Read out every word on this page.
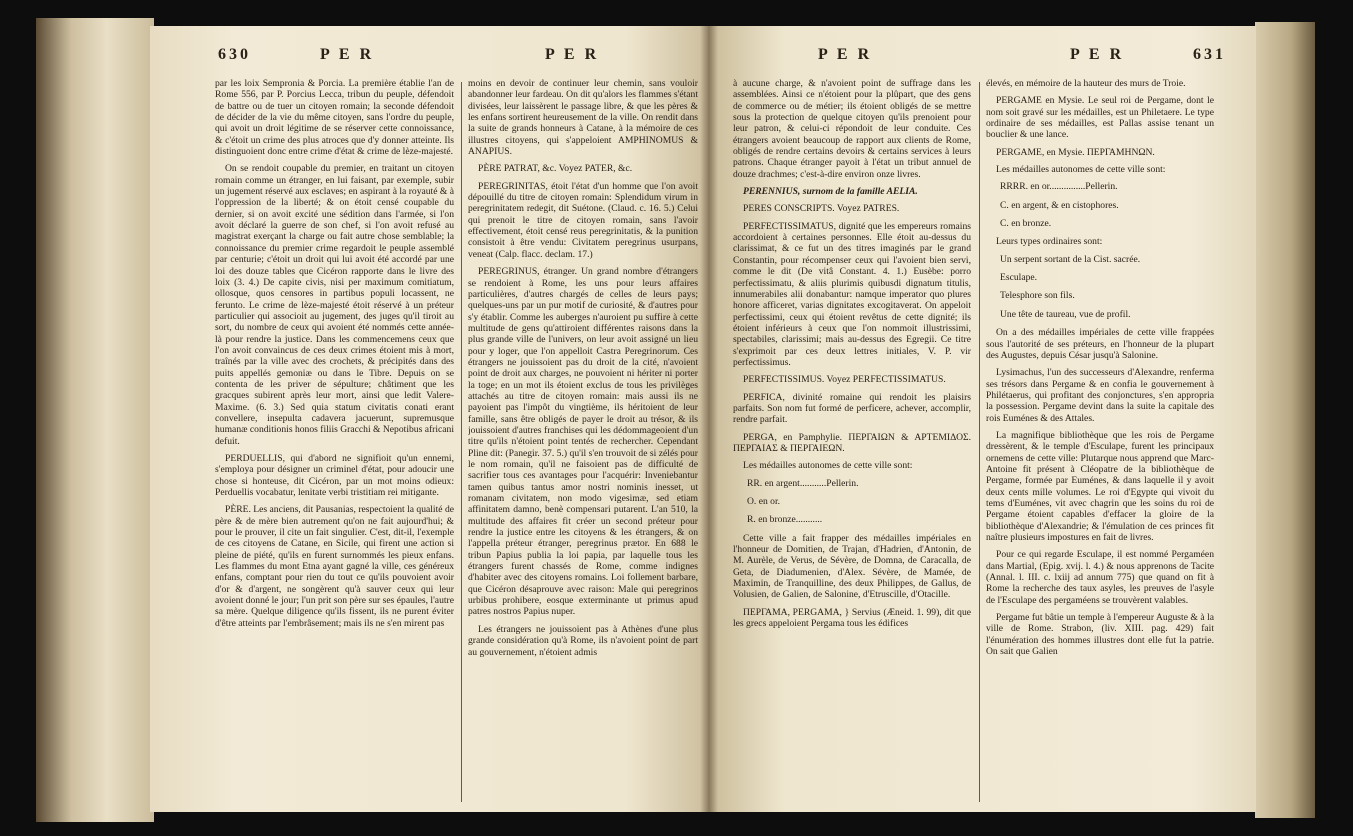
630	P E R	P E R

par les loix Sempronia & Porcia. La première établie l'an de Rome 556, par P. Porcius Lecca, tribun du peuple, défendoit de battre ou de tuer un citoyen romain; la seconde défendoit de décider de la vie du même citoyen, sans l'ordre du peuple, qui avoit un droit légitime de se réserver cette connoissance, & c'étoit un crime des plus atroces que d'y donner atteinte. Ils distinguoient donc entre crime d'état & crime de lèze-majesté.

On se rendoit coupable du premier, en traitant un citoyen romain comme un étranger, en lui faisant, par exemple, subir un jugement réservé aux esclaves; en aspirant à la royauté & à l'oppression de la liberté; & on étoit censé coupable du dernier, si on avoit excité une sédition dans l'armée, si l'on avoit déclaré la guerre de son chef, si l'on avoit refusé au magistrat exerçant la charge ou fait autre chose semblable; la connoissance du premier crime regardoit le peuple assemblé par centurie; c'étoit un droit qui lui avoit été accordé par une loi des douze tables que Cicéron rapporte dans le livre des loix (3. 4.) De capite civis, nisi per maximum comitiatum, ollosque, quos censores in partibus populi locassent, ne ferunto. Le crime de lèze-majesté étoit réservé à un préteur particulier qui associoit au jugement, des juges qu'il tiroit au sort, du nombre de ceux qui avoient été nommés cette année-là pour rendre la justice. Dans les commencemens ceux que l'on avoit convaincus de ces deux crimes étoient mis à mort, traînés par la ville avec des crochets, & précipités dans des puits appellés gemoniæ ou dans le Tibre. Depuis on se contenta de les priver de sépulture; châtiment que les gracques subirent après leur mort, ainsi que ledit Valere-Maxime. (6. 3.) Sed quia statum civitatis conati erant convellere, insepulta cadavera jacuerunt, supremusque humanæ conditionis honos filiis Gracchi & Nepotibus africani defuit.

PERDUELLIS, qui d'abord ne signifioit qu'un ennemi, s'employa pour désigner un criminel d'état, pour adoucir une chose si honteuse, dit Cicéron, par un mot moins odieux: Perduellis vocabatur, lenitate verbi tristitiam rei mitigante.

PÈRE. Les anciens, dit Pausanias, respectoient la qualité de père & de mère bien autrement qu'on ne fait aujourd'hui; & pour le prouver, il cite un fait singulier. C'est, dit-il, l'exemple de ces citoyens de Catane, en Sicile, qui firent une action si pleine de piété, qu'ils en furent surnommés les pieux enfans. Les flammes du mont Etna ayant gagné la ville, ces généreux enfans, comptant pour rien du tout ce qu'ils pouvoient avoir d'or & d'argent, ne songèrent qu'à sauver ceux qui leur avoient donné le jour; l'un prit son père sur ses épaules, l'autre sa mère. Quelque diligence qu'ils fissent, ils ne purent éviter d'être atteints par l'embrâsement; mais ils ne s'en mirent pas

moins en devoir de continuer leur chemin, sans vouloir abandonner leur fardeau. On dit qu'alors les flammes s'étant divisées, leur laissèrent le passage libre, & que les pères & les enfans sortirent heureusement de la ville. On rendit dans la suite de grands honneurs à Catane, à la mémoire de ces illustres citoyens, qui s'appeloient AMPHINOMUS & ANAPIUS.

PÈRE PATRAT, &c. Voyez PATER, &c.

PEREGRINITAS, étoit l'état d'un homme que l'on avoit dépouillé du titre de citoyen romain: Splendidum virum in peregrinitatem redegit, dit Suétone. (Claud. c. 16. 5.) Celui qui prenoit le titre de citoyen romain, sans l'avoir effectivement, étoit censé reus peregrinitatis, & la punition consistoit à être vendu: Civitatem peregrinus usurpans, veneat (Calp. flacc. declam. 17.)

PEREGRINUS, étranger. Un grand nombre d'étrangers se rendoient à Rome, les uns pour leurs affaires particulières, d'autres chargés de celles de leurs pays; quelques-uns par un pur motif de curiosité, & d'autres pour s'y établir. Comme les auberges n'auroient pu suffire à cette multitude de gens qu'attiroient différentes raisons dans la plus grande ville de l'univers, on leur avoit assigné un lieu pour y loger, que l'on appelloit Castra Peregrinorum. Ces étrangers ne jouissoient pas du droit de la cité, n'avoient point de droit aux charges, ne pouvoient ni hériter ni porter la toge; en un mot ils étoient exclus de tous les privilèges attachés au titre de citoyen romain: mais aussi ils ne payoient pas l'impôt du vingtième, ils héritoient de leur famille, sans être obligés de payer le droit au trésor, & ils jouissoient d'autres franchises qui les dédommageoient d'un titre qu'ils n'étoient point tentés de rechercher. Cependant Pline dit: (Panegir. 37. 5.) qu'il s'en trouvoit de si zélés pour le nom romain, qu'il ne faisoient pas de difficulté de sacrifier tous ces avantages pour l'acquérir: Inveniebantur tamen quibus tantus amor nostri nominis inesset, ut romanam civitatem, non modo vigesimæ, sed etiam affinitatem damno, benè compensari putarent. L'an 510, la multitude des affaires fit créer un second préteur pour rendre la justice entre les citoyens & les étrangers, & on l'appella préteur étranger, peregrinus prætor. En 688 le tribun Papius publia la loi papia, par laquelle tous les étrangers furent chassés de Rome, comme indignes d'habiter avec des citoyens romains. Loi follement barbare, que Cicéron désaprouve avec raison: Male qui peregrinos urbibus prohibere, eosque exterminante ut primus apud patres nostros Papius nuper.

Les étrangers ne jouissoient pas à Athènes d'une plus grande considération qu'à Rome, ils n'avoient point de part au gouvernement, n'étoient admis

P E R	P E R	631

à aucune charge, & n'avoient point de suffrage dans les assemblées. Ainsi ce n'étoient pour la plûpart, que des gens de commerce ou de métier; ils étoient obligés de se mettre sous la protection de quelque citoyen qu'ils prenoient pour leur patron, & celui-ci répondoit de leur conduite. Ces étrangers avoient beaucoup de rapport aux clients de Rome, obligés de rendre certains devoirs & certains services à leurs patrons. Chaque étranger payoit à l'état un tribut annuel de douze drachmes; c'est-à-dire environ onze livres.

PERENNIUS, surnom de la famille AELIA.

PERES CONSCRIPTS. Voyez PATRES.

PERFECTISSIMATUS, dignité que les empereurs romains accordoient à certaines personnes. Elle étoit au-dessus du clarissimat, & ce fut un des titres imaginés par le grand Constantin, pour récompenser ceux qui l'avoient bien servi, comme le dit (De vitâ Constant. 4. 1.) Eusèbe: porro perfectissimatu, & aliis plurimis quibusdi dignatum titulis, innumerabiles alii donabantur: namque imperator quo plures honore afficeret, varias dignitates excogitaverat. On appeloit perfectissimi, ceux qui étoient revêtus de cette dignité; ils étoient inférieurs à ceux que l'on nommoit illustrissimi, spectabiles, clarissimi; mais au-dessus des Egregii. Ce titre s'exprimoit par ces deux lettres initiales, V. P. vir perfectissimus.

PERFECTISSIMUS. Voyez PERFECTISSIMATUS.

PERFICA, divinité romaine qui rendoit les plaisirs parfaits. Son nom fut formé de perficere, achever, accomplir, rendre parfait.

PERGA, en Pamphylie. ΠΕΡΓΑΙΩΝ & ΑΡΤΕΜΙΔΟΣ. ΠΕΡΓΑΙΑΣ & ΠΕΡΓΑΙΕΩΝ.

Les médailles autonomes de cette ville sont:

RR. en argent...........Pellerin.

O. en or.

R. en bronze...........

Cette ville a fait frapper des médailles impériales en l'honneur de Domitien, de Trajan, d'Hadrien, d'Antonin, de M. Aurèle, de Verus, de Sévère, de Domna, de Caracalla, de Geta, de Diadumenien, d'Alex. Sévère, de Mamée, de Maximin, de Tranquilline, des deux Philippes, de Gallus, de Volusien, de Galien, de Salonine, d'Etruscille, d'Otacille.

ΠΕΡΓΑΜΑ, PERGAMA, } Servius (Æneid. 1. 99), dit que les grecs appeloient Pergama tous les édifices

élevés, en mémoire de la hauteur des murs de Troie.

PERGAME en Mysie. Le seul roi de Pergame, dont le nom soit gravé sur les médailles, est un Philetaere. Le type ordinaire de ses médailles, est Pallas assise tenant un bouclier & une lance.

PERGAME, en Mysie. ΠΕΡΓΑΜΗΝΩΝ.

Les médailles autonomes de cette ville sont:

RRRR. en or...............Pellerin.

C. en argent, & en cistophores.

C. en bronze.

Leurs types ordinaires sont:

Un serpent sortant de la Cist. sacrée.

Esculape.

Telesphore son fils.

Une tête de taureau, vue de profil.

On a des médailles impériales de cette ville frappées sous l'autorité de ses préteurs, en l'honneur de la plupart des Augustes, depuis César jusqu'à Salonine.

Lysimachus, l'un des successeurs d'Alexandre, renferma ses trésors dans Pergame & en confia le gouvernement à Philétaerus, qui profitant des conjonctures, s'en appropria la possession. Pergame devint dans la suite la capitale des rois Euménes & des Attales.

La magnifique bibliothèque que les rois de Pergame dressèrent, & le temple d'Esculape, furent les principaux ornemens de cette ville: Plutarque nous apprend que Marc-Antoine fit présent à Cléopatre de la bibliothèque de Pergame, formée par Euménes, & dans laquelle il y avoit deux cents mille volumes. Le roi d'Egypte qui vivoit du tems d'Euménes, vit avec chagrin que les soins du roi de Pergame étoient capables d'effacer la gloire de la bibliothèque d'Alexandrie; & l'émulation de ces princes fit naître plusieurs impostures en fait de livres.

Pour ce qui regarde Esculape, il est nommé Pergaméen dans Martial, (Epig. xvij. l. 4.) & nous apprenons de Tacite (Annal. l. III. c. lxiij ad annum 775) que quand on fit à Rome la recherche des taux asyles, les preuves de l'asyle de l'Esculape des pergaméens se trouvèrent valables.

Pergame fut bâtie un temple à l'empereur Auguste & à la ville de Rome. Strabon, (liv. XIII. pag. 429) fait l'énumération des hommes illustres dont elle fut la patrie. On sait que Galien
